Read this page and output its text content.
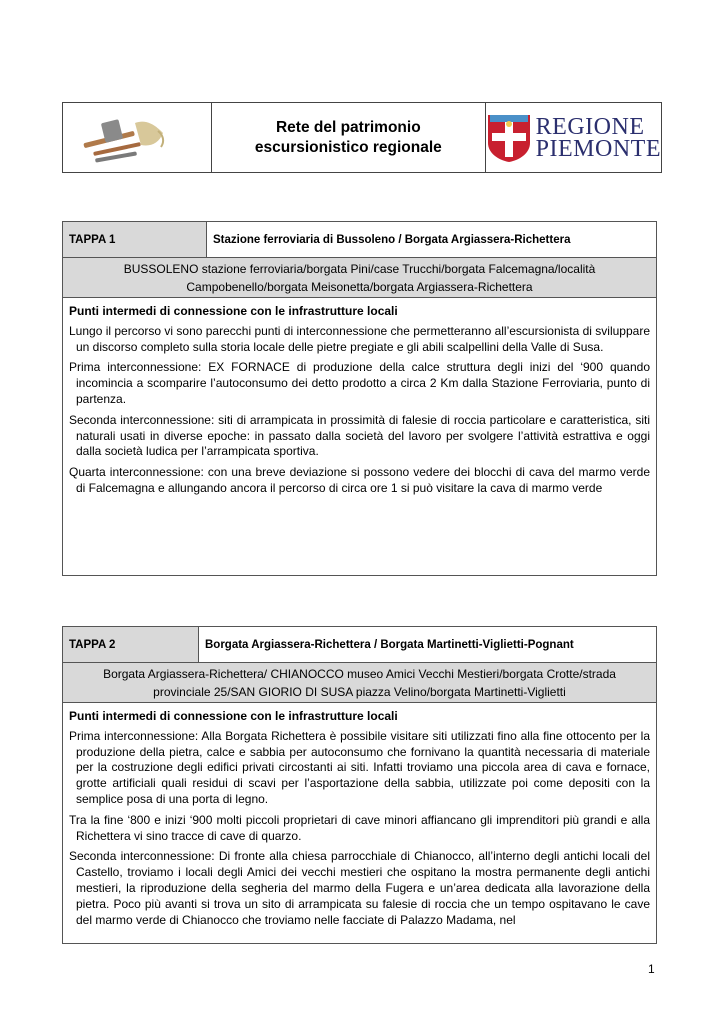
Rete del patrimonio escursionistico regionale
REGIONE
PIEMONTE
TAPPA 1	Stazione ferroviaria di Bussoleno / Borgata Argiassera-Richettera
BUSSOLENO stazione ferroviaria/borgata Pini/case Trucchi/borgata Falcemagna/località
Campobenello/borgata Meisonetta/borgata Argiassera-Richettera
Punti intermedi di connessione con le infrastrutture locali

Lungo il percorso vi sono parecchi punti di interconnessione che permetteranno all’escursionista di sviluppare un discorso completo sulla storia locale delle pietre pregiate e gli abili scalpellini della Valle di Susa.

Prima interconnessione: EX FORNACE di produzione della calce struttura degli inizi del ‘900 quando incomincia a scomparire l’autoconsumo dei detto prodotto a circa 2 Km dalla Stazione Ferroviaria, punto di partenza.

Seconda interconnessione: siti di arrampicata in prossimità di falesie di roccia particolare e caratteristica, siti naturali usati in diverse epoche: in passato dalla società del lavoro per svolgere l’attività estrattiva e oggi dalla società ludica per l’arrampicata sportiva.

Quarta interconnessione: con una breve deviazione si possono vedere dei blocchi di cava del marmo verde di Falcemagna e allungando ancora il percorso di circa ore 1 si può visitare la cava di marmo verde

TAPPA 2	Borgata Argiassera-Richettera / Borgata Martinetti-Viglietti-Pognant
Borgata Argiassera-Richettera/ CHIANOCCO museo Amici Vecchi Mestieri/borgata Crotte/strada
provinciale 25/SAN GIORIO DI SUSA piazza Velino/borgata Martinetti-Viglietti
Punti intermedi di connessione con le infrastrutture locali

Prima interconnessione: Alla Borgata Richettera è possibile visitare siti utilizzati fino alla fine ottocento per la produzione della pietra, calce e sabbia per autoconsumo che fornivano la quantità necessaria di materiale per la costruzione degli edifici privati circostanti ai siti. Infatti troviamo una piccola area di cava e fornace, grotte artificiali quali residui di scavi per l’asportazione della sabbia, utilizzate poi come depositi con la semplice posa di una porta di legno.

Tra la fine ‘800 e inizi ‘900 molti piccoli proprietari di cave minori affiancano gli imprenditori più grandi e alla Richettera vi sino tracce di cave di quarzo.

Seconda interconnessione: Di fronte alla chiesa parrocchiale di Chianocco, all’interno degli antichi locali del Castello, troviamo i locali degli Amici dei vecchi mestieri che ospitano la mostra permanente degli antichi mestieri, la riproduzione della segheria del marmo della Fugera e un’area dedicata alla lavorazione della pietra. Poco più avanti si trova un sito di arrampicata su falesie di roccia che un tempo ospitavano le cave del marmo verde di Chianocco che troviamo nelle facciate di Palazzo Madama, nel

1
